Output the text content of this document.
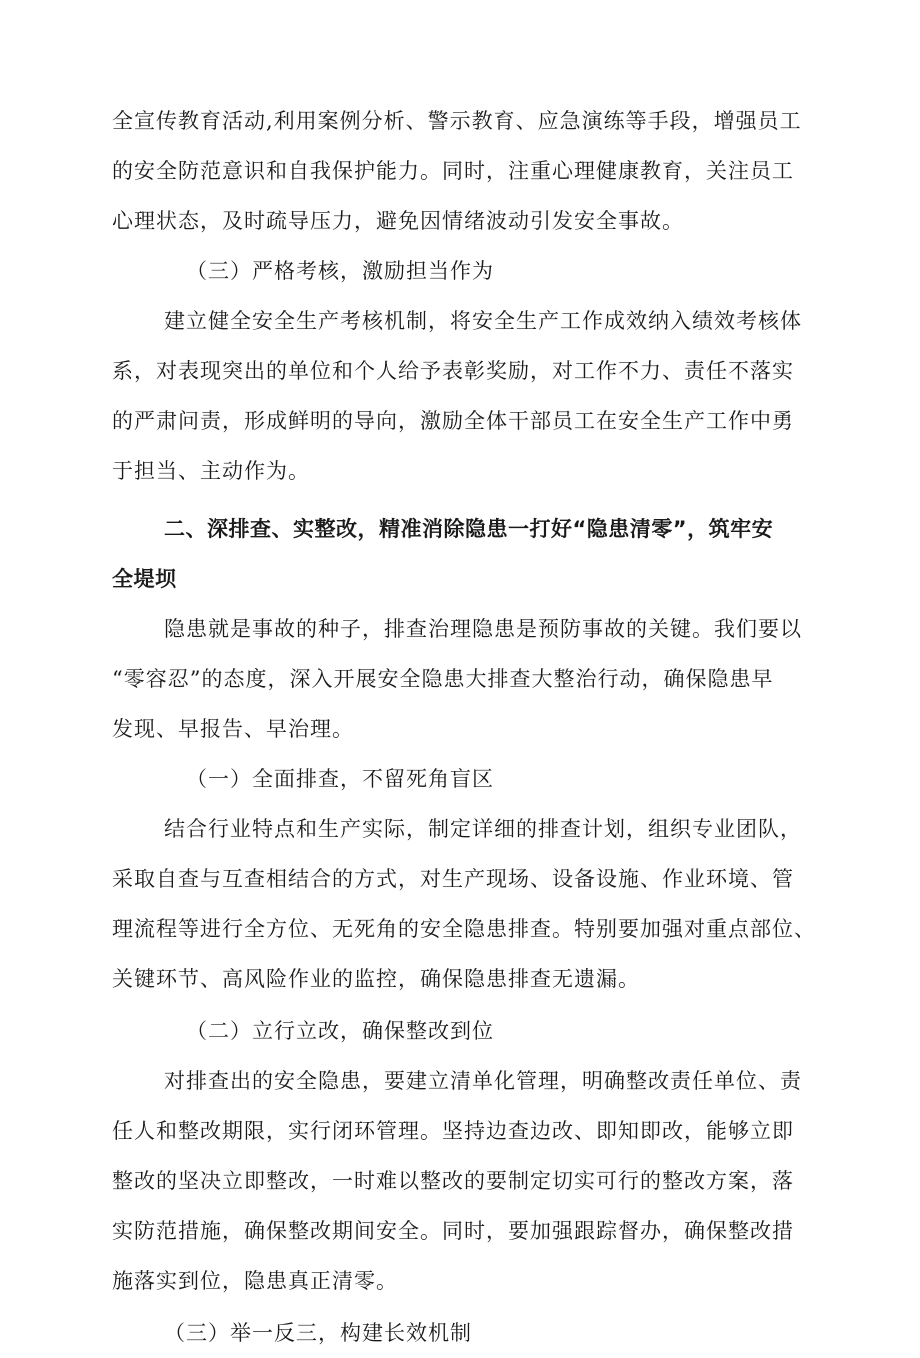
全宣传教育活动,利用案例分析、警示教育、应急演练等手段，增强员工
的安全防范意识和自我保护能力。同时，注重心理健康教育，关注员工
心理状态，及时疏导压力，避免因情绪波动引发安全事故。
（三）严格考核，激励担当作为
建立健全安全生产考核机制，将安全生产工作成效纳入绩效考核体
系，对表现突出的单位和个人给予表彰奖励，对工作不力、责任不落实
的严肃问责，形成鲜明的导向，激励全体干部员工在安全生产工作中勇
于担当、主动作为。
二、深排查、实整改，精准消除隐患一打好“隐患清零”，筑牢安
全堤坝
隐患就是事故的种子，排查治理隐患是预防事故的关键。我们要以
“零容忍”的态度，深入开展安全隐患大排查大整治行动，确保隐患早
发现、早报告、早治理。
（一）全面排查，不留死角盲区
结合行业特点和生产实际，制定详细的排查计划，组织专业团队，
采取自查与互查相结合的方式，对生产现场、设备设施、作业环境、管
理流程等进行全方位、无死角的安全隐患排查。特别要加强对重点部位、
关键环节、高风险作业的监控，确保隐患排查无遗漏。
（二）立行立改，确保整改到位
对排查出的安全隐患，要建立清单化管理，明确整改责任单位、责
任人和整改期限，实行闭环管理。坚持边查边改、即知即改，能够立即
整改的坚决立即整改，一时难以整改的要制定切实可行的整改方案，落
实防范措施，确保整改期间安全。同时，要加强跟踪督办，确保整改措
施落实到位，隐患真正清零。
（三）举一反三，构建长效机制
